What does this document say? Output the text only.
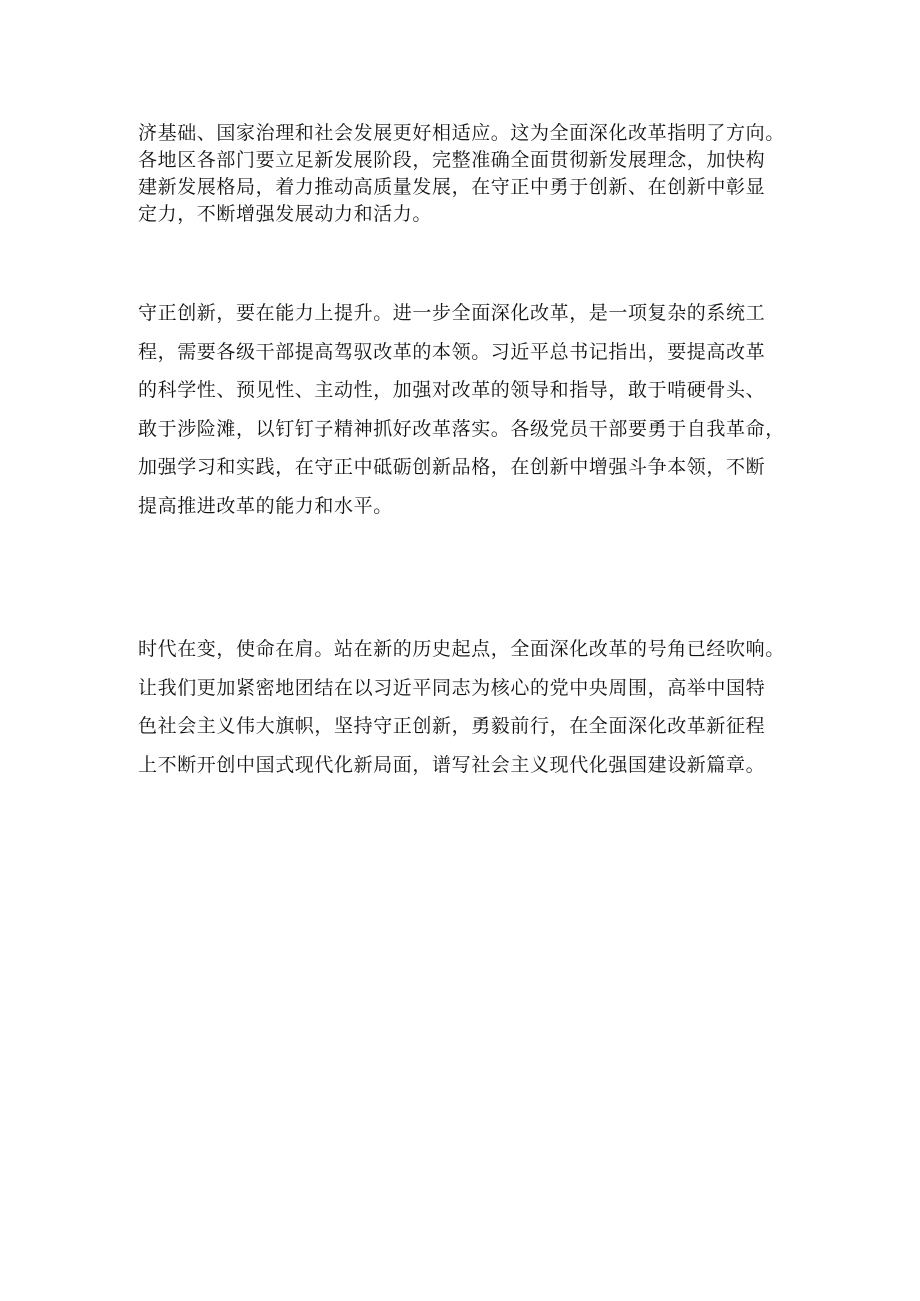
济基础、国家治理和社会发展更好相适应。这为全面深化改革指明了方向。
各地区各部门要立足新发展阶段，完整准确全面贯彻新发展理念，加快构
建新发展格局，着力推动高质量发展，在守正中勇于创新、在创新中彰显
定力，不断增强发展动力和活力。

守正创新，要在能力上提升。进一步全面深化改革，是一项复杂的系统工
程，需要各级干部提高驾驭改革的本领。习近平总书记指出，要提高改革
的科学性、预见性、主动性，加强对改革的领导和指导，敢于啃硬骨头、
敢于涉险滩，以钉钉子精神抓好改革落实。各级党员干部要勇于自我革命，
加强学习和实践，在守正中砥砺创新品格，在创新中增强斗争本领，不断
提高推进改革的能力和水平。

时代在变，使命在肩。站在新的历史起点，全面深化改革的号角已经吹响。
让我们更加紧密地团结在以习近平同志为核心的党中央周围，高举中国特
色社会主义伟大旗帜，坚持守正创新，勇毅前行，在全面深化改革新征程
上不断开创中国式现代化新局面，谱写社会主义现代化强国建设新篇章。
